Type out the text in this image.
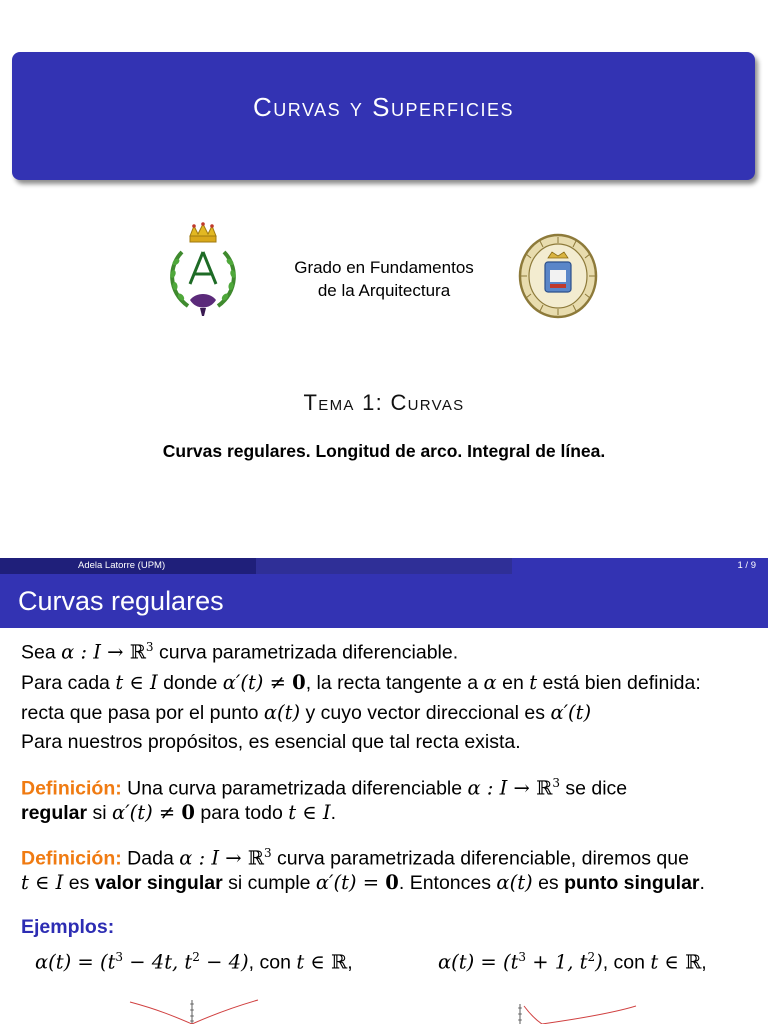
Curvas y Superficies
Grado en Fundamentos
de la Arquitectura
Tema 1: Curvas
Curvas regulares. Longitud de arco. Integral de línea.
Adela Latorre (UPM)	1 / 9
Curvas regulares
Sea α : I → ℝ$^3$ curva parametrizada diferenciable.
Para cada t ∈ I donde α′(t) ≠ 0, la recta tangente a α en t está bien definida:
recta que pasa por el punto α(t) y cuyo vector direccional es α′(t)
Para nuestros propósitos, es esencial que tal recta exista.
Definición: Una curva parametrizada diferenciable α : I → ℝ$^3$ se dice
regular si α′(t) ≠ 0 para todo t ∈ I.
Definición: Dada α : I → ℝ$^3$ curva parametrizada diferenciable, diremos que
t ∈ I es valor singular si cumple α′(t) = 0. Entonces α(t) es punto singular.
Ejemplos:
$\alpha(t) = (t^3 - 4t$, $t^2 - 4$), con t ∈ ℝ,	$\alpha(t) = (t^3 + 1$, $t^2$), con t ∈ ℝ,
